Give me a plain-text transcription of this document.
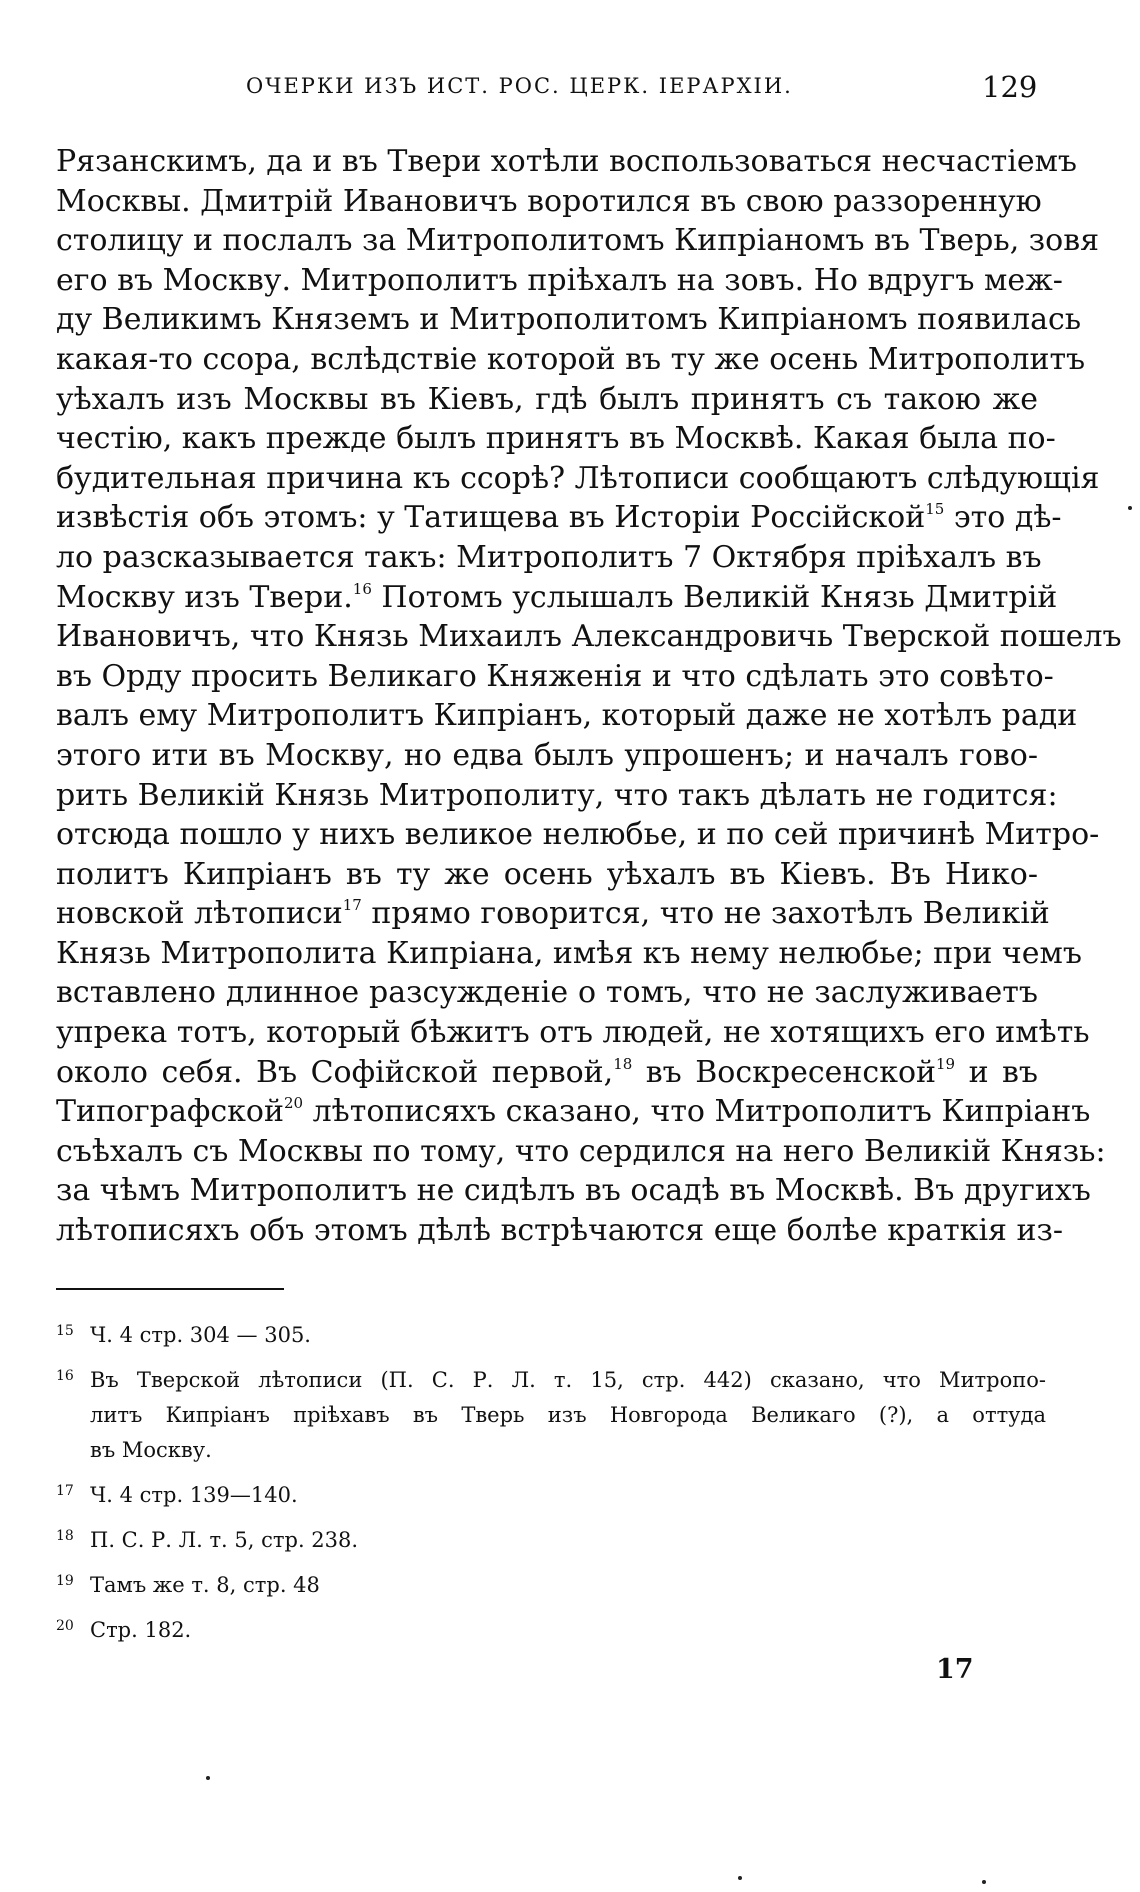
ОЧЕРКИ ИЗЪ ИСТ. РОС. ЦЕРК. ІЕРАРХІИ.	129
Рязанскимъ, да и въ Твери хотѣли воспользоваться несчастіемъ
Москвы. Дмитрій Ивановичъ воротился въ свою раззоренную
столицу и послалъ за Митрополитомъ Кипріаномъ въ Тверь, зовя
его въ Москву. Митрополитъ пріѣхалъ на зовъ. Но вдругъ меж-
ду Великимъ Княземъ и Митрополитомъ Кипріаномъ появилась
какая-то ссора, вслѣдствіе которой въ ту же осень Митрополитъ
уѣхалъ изъ Москвы въ Кіевъ, гдѣ былъ принятъ съ такою же
честію, какъ прежде былъ принятъ въ Москвѣ. Какая была по-
будительная причина къ ссорѣ? Лѣтописи сообщаютъ слѣдующія
извѣстія объ этомъ: у Татищева въ Исторіи Россійской$^{15}$ это дѣ-
ло разсказывается такъ: Митрополитъ 7 Октября пріѣхалъ въ
Москву изъ Твери.$^{16}$ Потомъ услышалъ Великій Князь Дмитрій
Ивановичъ, что Князь Михаилъ Александровичь Тверской пошелъ
въ Орду просить Великаго Княженія и что сдѣлать это совѣто-
валъ ему Митрополитъ Кипріанъ, который даже не хотѣлъ ради
этого ити въ Москву, но едва былъ упрошенъ; и началъ гово-
рить Великій Князь Митрополиту, что такъ дѣлать не годится:
отсюда пошло у нихъ великое нелюбье, и по сей причинѣ Митро-
политъ Кипріанъ въ ту же осень уѣхалъ въ Кіевъ. Въ Нико-
новской лѣтописи$^{17}$ прямо говорится, что не захотѣлъ Великій
Князь Митрополита Кипріана, имѣя къ нему нелюбье; при чемъ
вставлено длинное разсужденіе о томъ, что не заслуживаетъ
упрека тотъ, который бѣжитъ отъ людей, не хотящихъ его имѣть
около себя. Въ Софійской первой,$^{18}$ въ Воскресенской$^{19}$ и въ
Типографской$^{20}$ лѣтописяхъ сказано, что Митрополитъ Кипріанъ
съѣхалъ съ Москвы по тому, что сердился на него Великій Князь:
за чѣмъ Митрополитъ не сидѣлъ въ осадѣ въ Москвѣ. Въ другихъ
лѣтописяхъ объ этомъ дѣлѣ встрѣчаются еще болѣе краткія из-
15 Ч. 4 стр. 304 — 305.
16 Въ Тверской лѣтописи (П. С. Р. Л. т. 15, стр. 442) сказано, что Митропо-
литъ Кипріанъ пріѣхавъ въ Тверь изъ Новгорода Великаго (?), а оттуда
въ Москву.
17 Ч. 4 стр. 139—140.
18 П. С. Р. Л. т. 5, стр. 238.
19 Тамъ же т. 8, стр. 48
20 Стр. 182.
17
